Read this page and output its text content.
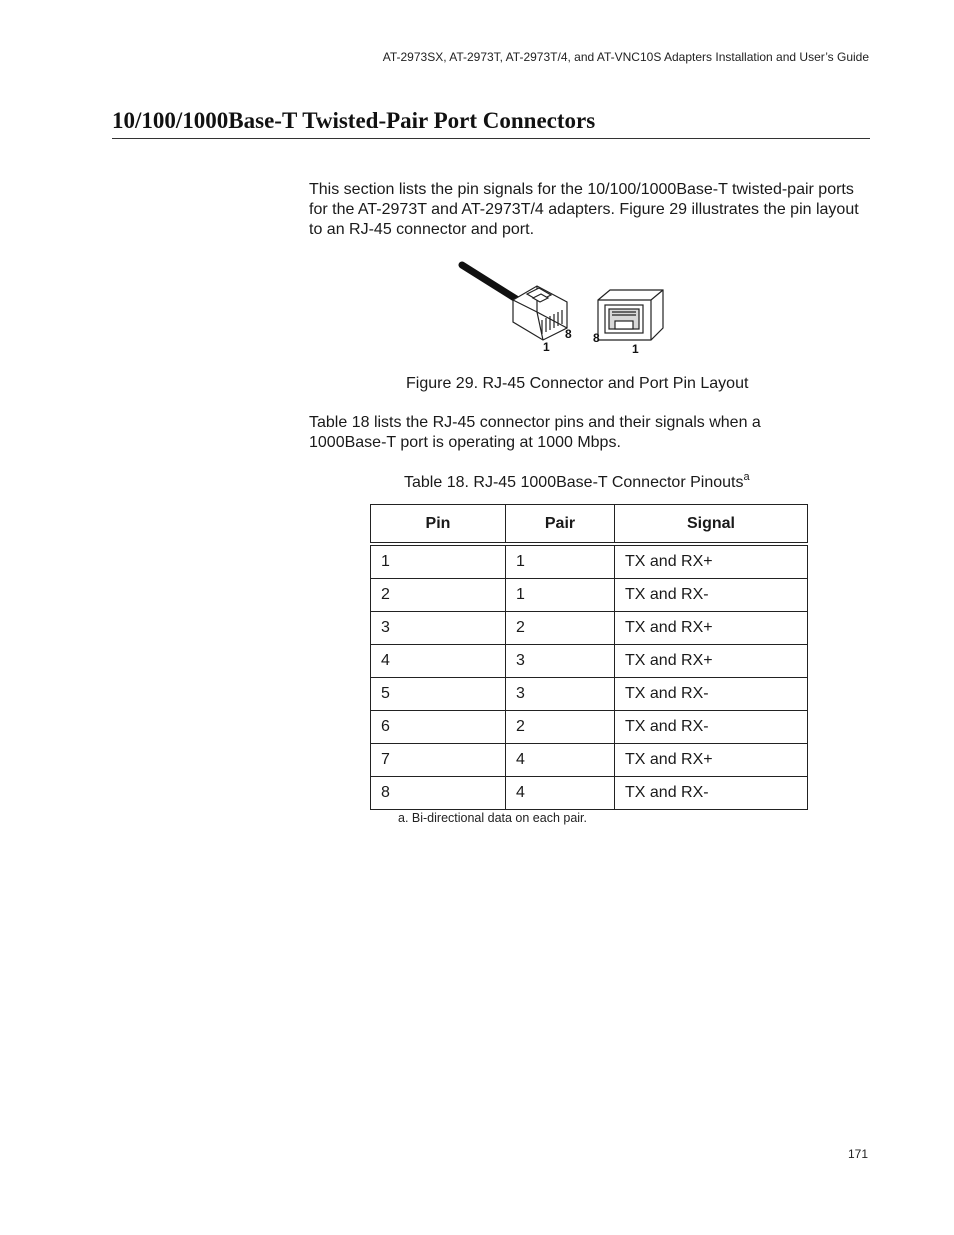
AT-2973SX, AT-2973T, AT-2973T/4, and AT-VNC10S Adapters Installation and User’s Guide
10/100/1000Base-T Twisted-Pair Port Connectors

This section lists the pin signals for the 10/100/1000Base-T twisted-pair ports for the AT-2973T and AT-2973T/4 adapters. Figure 29 illustrates the pin layout to an RJ-45 connector and port.

1
8 8
1

Figure 29. RJ-45 Connector and Port Pin Layout

Table 18 lists the RJ-45 connector pins and their signals when a 1000Base-T port is operating at 1000 Mbps.

Table 18. RJ-45 1000Base-T Connector Pinouts$^a$

Pin	Pair	Signal
1	1	TX and RX+
2	1	TX and RX-
3	2	TX and RX+
4	3	TX and RX+
5	3	TX and RX-
6	2	TX and RX-
7	4	TX and RX+
8	4	TX and RX-
a. Bi-directional data on each pair.
171
